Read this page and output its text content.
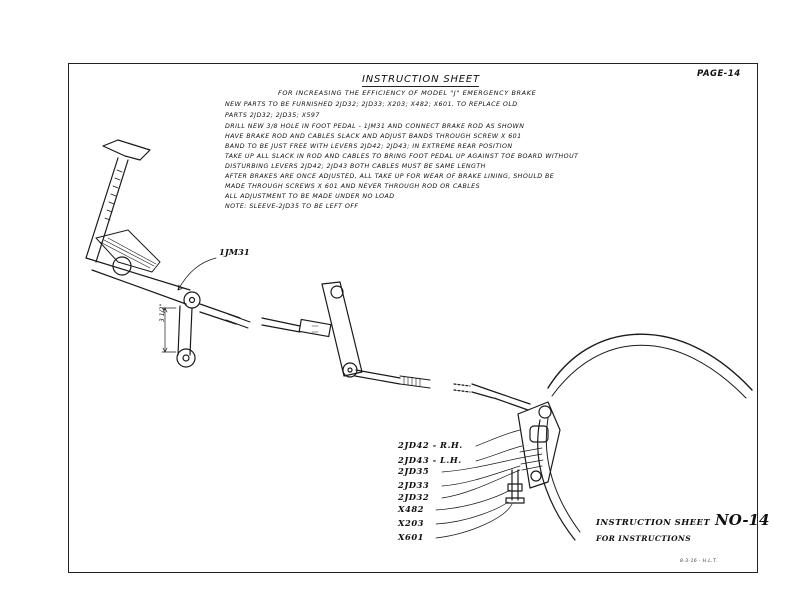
INSTRUCTION SHEET
FOR INCREASING THE EFFICIENCY OF MODEL "J" EMERGENCY BRAKE
PAGE-14
NEW PARTS TO BE FURNISHED 2JD32; 2JD33; X203; X482; X601. TO REPLACE OLD
PARTS 2JD32; 2JD35; X597
DRILL NEW 3/8 HOLE IN FOOT PEDAL - 1JM31 AND CONNECT BRAKE ROD AS SHOWN
HAVE BRAKE ROD AND CABLES SLACK AND ADJUST BANDS THROUGH SCREW X 601
BAND TO BE JUST FREE WITH LEVERS 2JD42; 2JD43; IN EXTREME REAR POSITION
TAKE UP ALL SLACK IN ROD AND CABLES TO BRING FOOT PEDAL UP AGAINST TOE BOARD WITHOUT
DISTURBING LEVERS 2JD42; 2JD43 BOTH CABLES MUST BE SAME LENGTH
AFTER BRAKES ARE ONCE ADJUSTED, ALL TAKE UP FOR WEAR OF BRAKE LINING, SHOULD BE
MADE THROUGH SCREWS X 601 AND NEVER THROUGH ROD OR CABLES
ALL ADJUSTMENT TO BE MADE UNDER NO LOAD
NOTE: SLEEVE-2JD35 TO BE LEFT OFF
1JM31
3 1/2"
2JD42 - R.H.
2JD43 - L.H.
2JD35
2JD33
2JD32
X482
X203
X601
INSTRUCTION SHEET NO-14
FOR INSTRUCTIONS
8-3-16 · H.L.T.
